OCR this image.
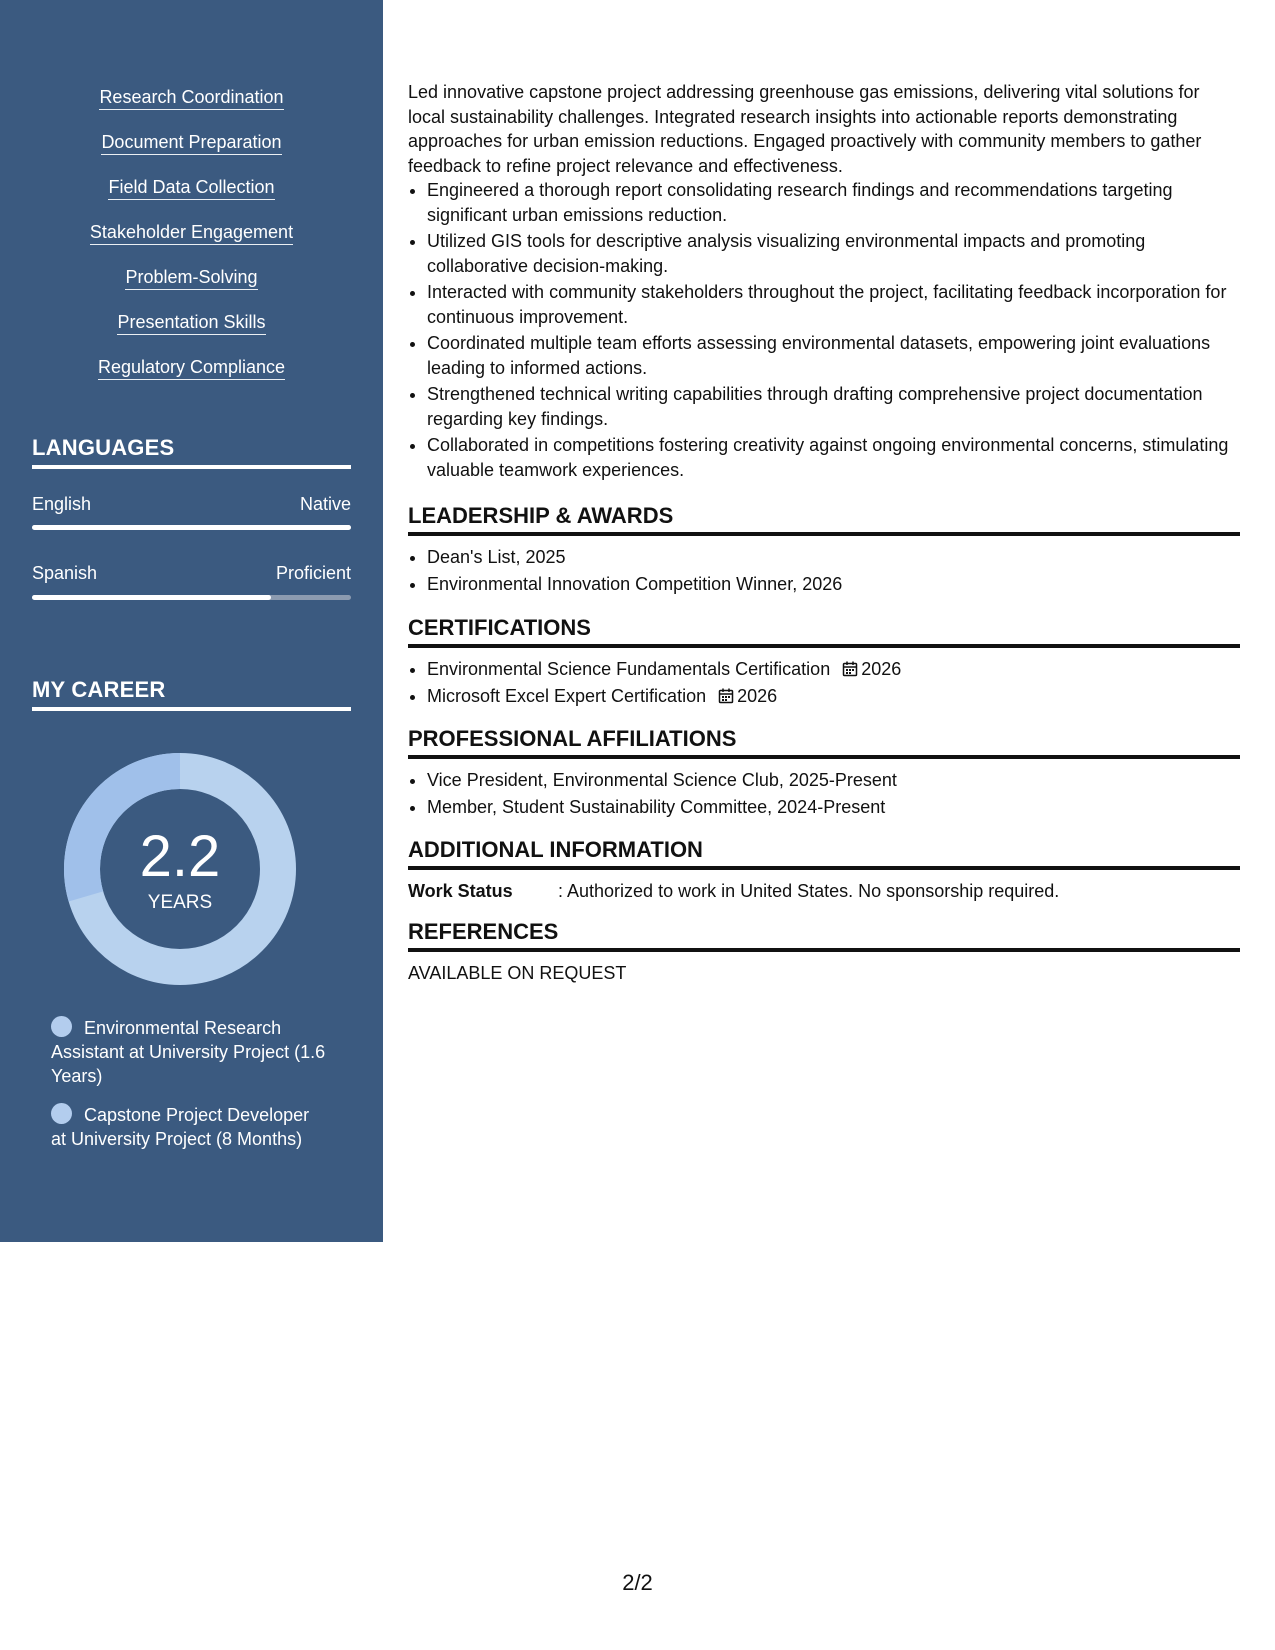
Research Coordination
Document Preparation
Field Data Collection
Stakeholder Engagement
Problem-Solving
Presentation Skills
Regulatory Compliance
LANGUAGES
English	Native
Spanish	Proficient
MY CAREER
2.2
YEARS
Environmental Research Assistant at University Project (1.6 Years)
Capstone Project Developer at University Project (8 Months)
Led innovative capstone project addressing greenhouse gas emissions, delivering vital solutions for local sustainability challenges. Integrated research insights into actionable reports demonstrating approaches for urban emission reductions. Engaged proactively with community members to gather feedback to refine project relevance and effectiveness.
• Engineered a thorough report consolidating research findings and recommendations targeting significant urban emissions reduction.
• Utilized GIS tools for descriptive analysis visualizing environmental impacts and promoting collaborative decision-making.
• Interacted with community stakeholders throughout the project, facilitating feedback incorporation for continuous improvement.
• Coordinated multiple team efforts assessing environmental datasets, empowering joint evaluations leading to informed actions.
• Strengthened technical writing capabilities through drafting comprehensive project documentation regarding key findings.
• Collaborated in competitions fostering creativity against ongoing environmental concerns, stimulating valuable teamwork experiences.
LEADERSHIP & AWARDS
• Dean's List, 2025
• Environmental Innovation Competition Winner, 2026
CERTIFICATIONS
• Environmental Science Fundamentals Certification 2026
• Microsoft Excel Expert Certification 2026
PROFESSIONAL AFFILIATIONS
• Vice President, Environmental Science Club, 2025-Present
• Member, Student Sustainability Committee, 2024-Present
ADDITIONAL INFORMATION
Work Status	: Authorized to work in United States. No sponsorship required.
REFERENCES
AVAILABLE ON REQUEST
2/2
